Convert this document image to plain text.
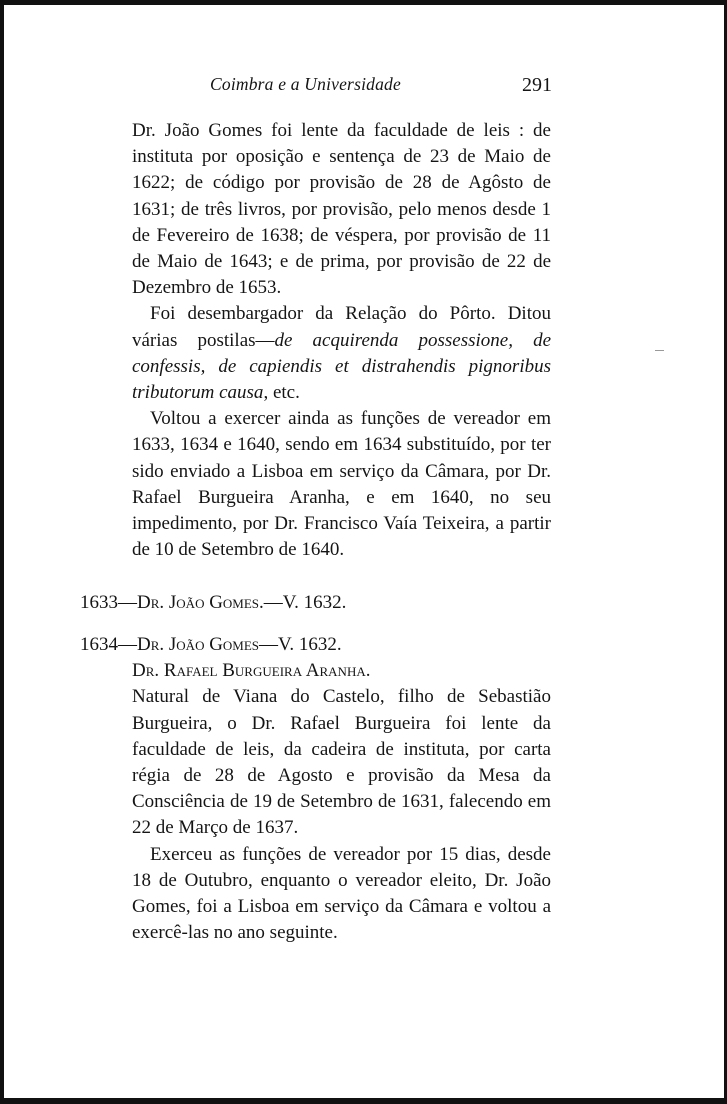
Coimbra e a Universidade	291

Dr. João Gomes foi lente da faculdade de leis : de instituta por oposição e sentença de 23 de Maio de 1622; de código por provisão de 28 de Agôsto de 1631; de três livros, por provisão, pelo menos desde 1 de Fevereiro de 1638; de véspera, por provisão de 11 de Maio de 1643; e de prima, por provisão de 22 de Dezembro de 1653.

Foi desembargador da Relação do Pôrto. Ditou várias postilas—de acquirenda possessione, de confessis, de capiendis et distrahendis pignoribus tributorum causa, etc.

Voltou a exercer ainda as funções de vereador em 1633, 1634 e 1640, sendo em 1634 substituído, por ter sido enviado a Lisboa em serviço da Câmara, por Dr. Rafael Burgueira Aranha, e em 1640, no seu impedimento, por Dr. Francisco Vaía Teixeira, a partir de 10 de Setembro de 1640.

1633—Dr. João Gomes.—V. 1632.
1634—Dr. João Gomes—V. 1632.
Dr. Rafael Burgueira Aranha.

Natural de Viana do Castelo, filho de Sebastião Burgueira, o Dr. Rafael Burgueira foi lente da faculdade de leis, da cadeira de instituta, por carta régia de 28 de Agosto e provisão da Mesa da Consciência de 19 de Setembro de 1631, falecendo em 22 de Março de 1637.

Exerceu as funções de vereador por 15 dias, desde 18 de Outubro, enquanto o vereador eleito, Dr. João Gomes, foi a Lisboa em serviço da Câmara e voltou a exercê-las no ano seguinte.
